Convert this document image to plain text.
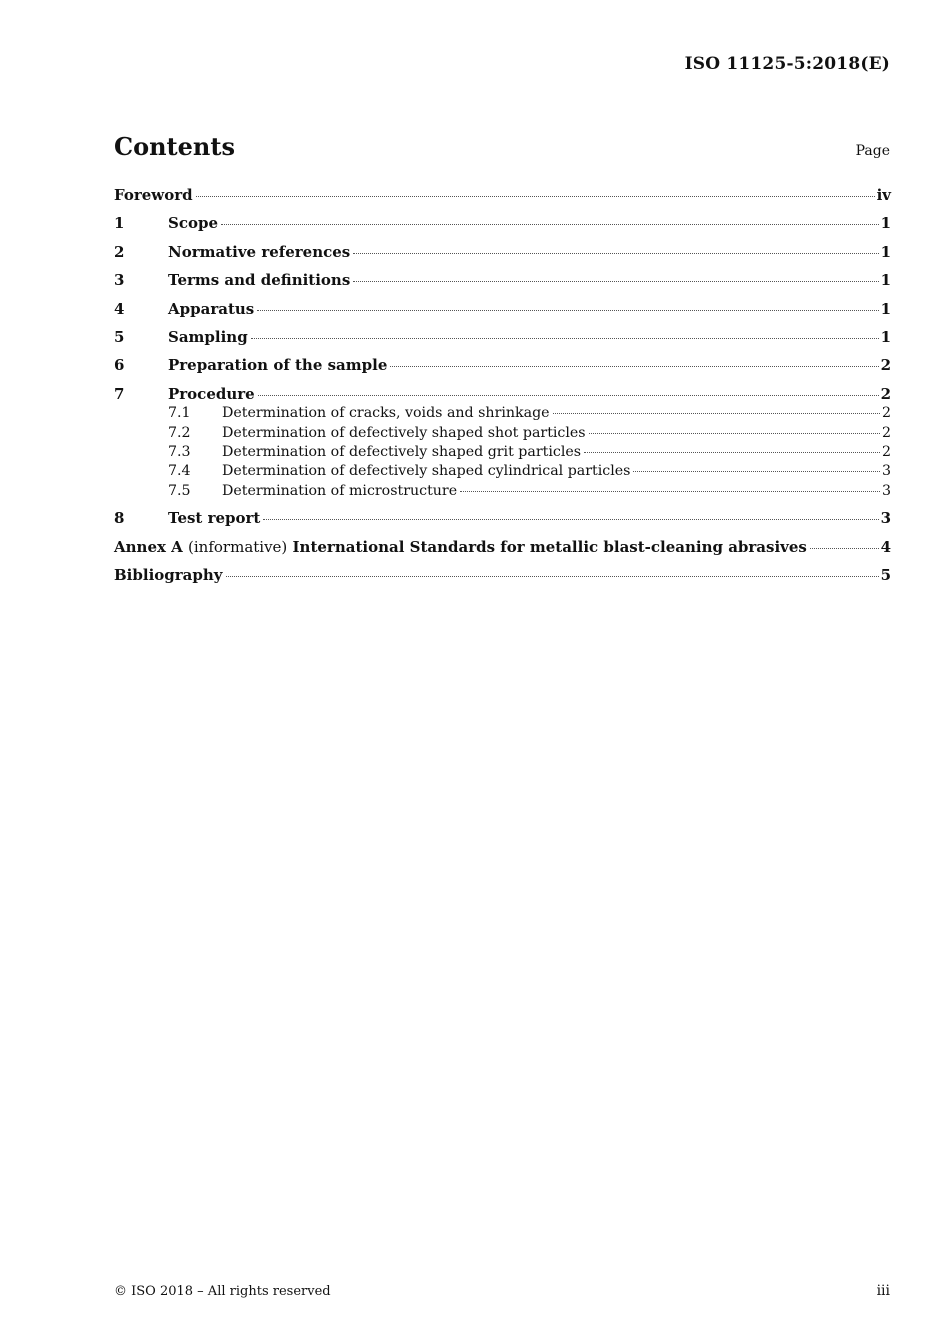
ISO 11125-5:2018(E)
Contents	Page
Foreword	iv
1	Scope	1
2	Normative references	1
3	Terms and definitions	1
4	Apparatus	1
5	Sampling	1
6	Preparation of the sample	2
7	Procedure	2
7.1	Determination of cracks, voids and shrinkage	2
7.2	Determination of defectively shaped shot particles	2
7.3	Determination of defectively shaped grit particles	2
7.4	Determination of defectively shaped cylindrical particles	3
7.5	Determination of microstructure	3
8	Test report	3
Annex A (informative) International Standards for metallic blast-cleaning abrasives	4
Bibliography	5
© ISO 2018 – All rights reserved	iii
